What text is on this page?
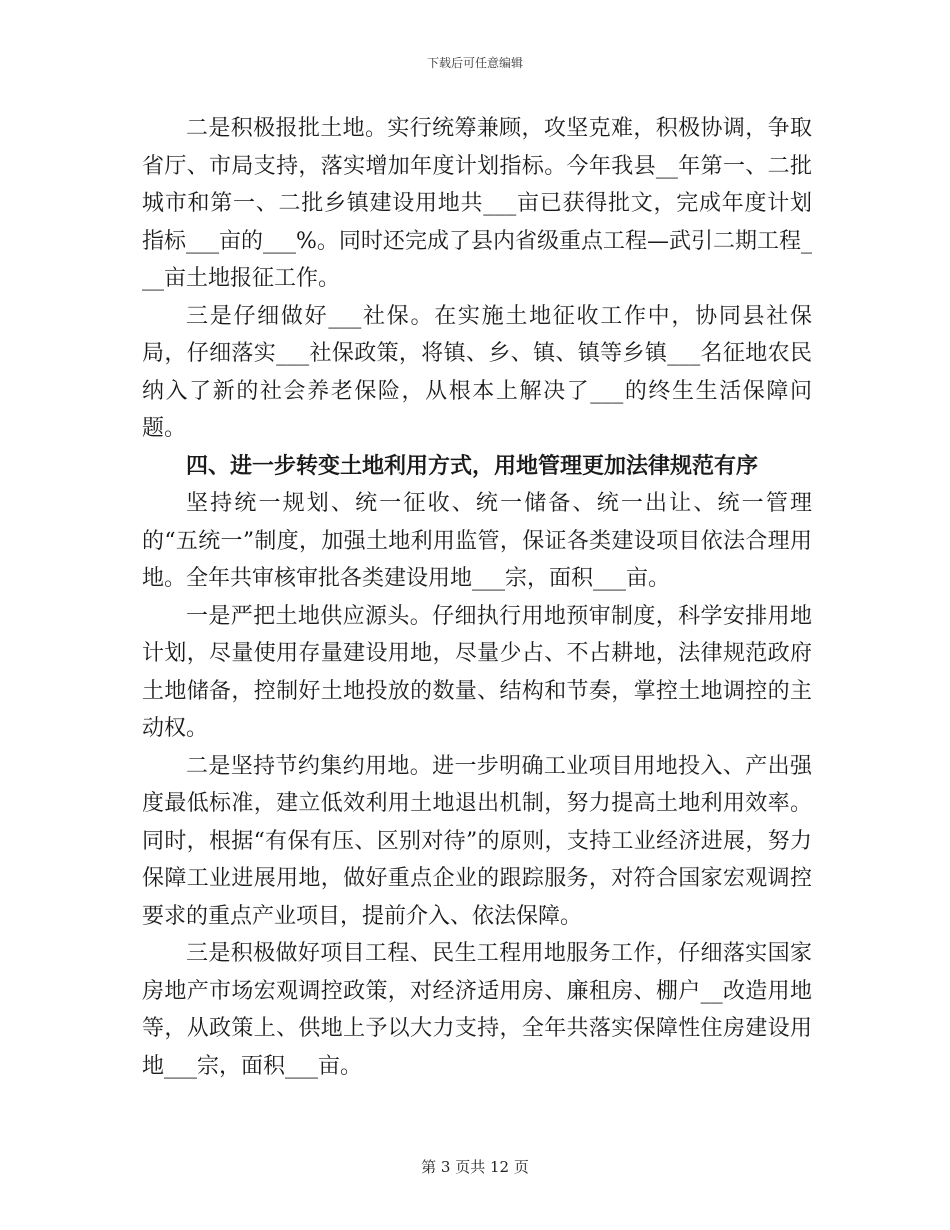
下载后可任意编辑

二是积极报批土地。实行统筹兼顾，攻坚克难，积极协调，争取省厅、市局支持，落实增加年度计划指标。今年我县__年第一、二批城市和第一、二批乡镇建设用地共___亩已获得批文，完成年度计划指标___亩的___%。同时还完成了县内省级重点工程—武引二期工程___亩土地报征工作。

三是仔细做好___社保。在实施土地征收工作中，协同县社保局，仔细落实___社保政策，将镇、乡、镇、镇等乡镇___名征地农民纳入了新的社会养老保险，从根本上解决了___的终生生活保障问题。

四、进一步转变土地利用方式，用地管理更加法律规范有序

坚持统一规划、统一征收、统一储备、统一出让、统一管理的“五统一”制度，加强土地利用监管，保证各类建设项目依法合理用地。全年共审核审批各类建设用地___宗，面积___亩。

一是严把土地供应源头。仔细执行用地预审制度，科学安排用地计划，尽量使用存量建设用地，尽量少占、不占耕地，法律规范政府土地储备，控制好土地投放的数量、结构和节奏，掌控土地调控的主动权。

二是坚持节约集约用地。进一步明确工业项目用地投入、产出强度最低标准，建立低效利用土地退出机制，努力提高土地利用效率。同时，根据“有保有压、区别对待”的原则，支持工业经济进展，努力保障工业进展用地，做好重点企业的跟踪服务，对符合国家宏观调控要求的重点产业项目，提前介入、依法保障。

三是积极做好项目工程、民生工程用地服务工作，仔细落实国家房地产市场宏观调控政策，对经济适用房、廉租房、棚户__改造用地等，从政策上、供地上予以大力支持，全年共落实保障性住房建设用地___宗，面积___亩。

第 3 页共 12 页
